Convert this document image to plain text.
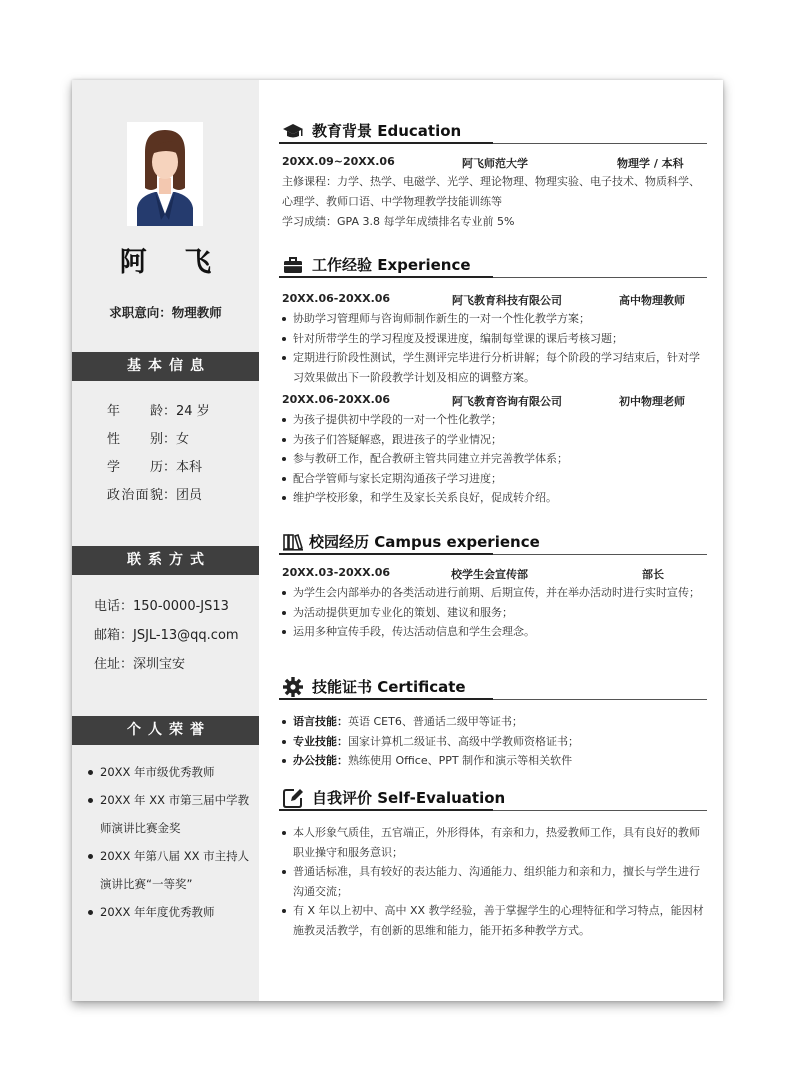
阿 飞
求职意向：物理教师
基本信息
年 龄：24 岁
性 别：女
学 历：本科
政治面貌：团员
联系方式
电话：150-0000-JS13
邮箱：JSJL-13@qq.com
住址：深圳宝安
个人荣誉
20XX 年市级优秀教师
20XX 年 XX 市第三届中学教师演讲比赛金奖
20XX 年第八届 XX 市主持人演讲比赛“一等奖”
20XX 年年度优秀教师
教育背景 Education
20XX.09~20XX.06	阿飞师范大学	物理学 / 本科
主修课程：力学、热学、电磁学、光学、理论物理、物理实验、电子技术、物质科学、心理学、教师口语、中学物理教学技能训练等
学习成绩：GPA 3.8 每学年成绩排名专业前 5%
工作经验 Experience
20XX.06-20XX.06	阿飞教育科技有限公司	高中物理教师
协助学习管理师与咨询师制作新生的一对一个性化教学方案；
针对所带学生的学习程度及授课进度，编制每堂课的课后考核习题；
定期进行阶段性测试，学生测评完毕进行分析讲解；每个阶段的学习结束后，针对学习效果做出下一阶段教学计划及相应的调整方案。
20XX.06-20XX.06	阿飞教育咨询有限公司	初中物理老师
为孩子提供初中学段的一对一个性化教学；
为孩子们答疑解惑，跟进孩子的学业情况；
参与教研工作，配合教研主管共同建立并完善教学体系；
配合学管师与家长定期沟通孩子学习进度；
维护学校形象，和学生及家长关系良好，促成转介绍。
校园经历 Campus experience
20XX.03-20XX.06	校学生会宣传部	部长
为学生会内部举办的各类活动进行前期、后期宣传，并在举办活动时进行实时宣传；
为活动提供更加专业化的策划、建议和服务；
运用多种宣传手段，传达活动信息和学生会理念。
技能证书 Certificate
语言技能：英语 CET6、普通话二级甲等证书；
专业技能：国家计算机二级证书、高级中学教师资格证书；
办公技能：熟练使用 Office、PPT 制作和演示等相关软件
自我评价 Self-Evaluation
本人形象气质佳，五官端正，外形得体，有亲和力，热爱教师工作，具有良好的教师职业操守和服务意识；
普通话标准，具有较好的表达能力、沟通能力、组织能力和亲和力，擅长与学生进行沟通交流；
有 X 年以上初中、高中 XX 教学经验，善于掌握学生的心理特征和学习特点，能因材施教灵活教学，有创新的思维和能力，能开拓多种教学方式。
